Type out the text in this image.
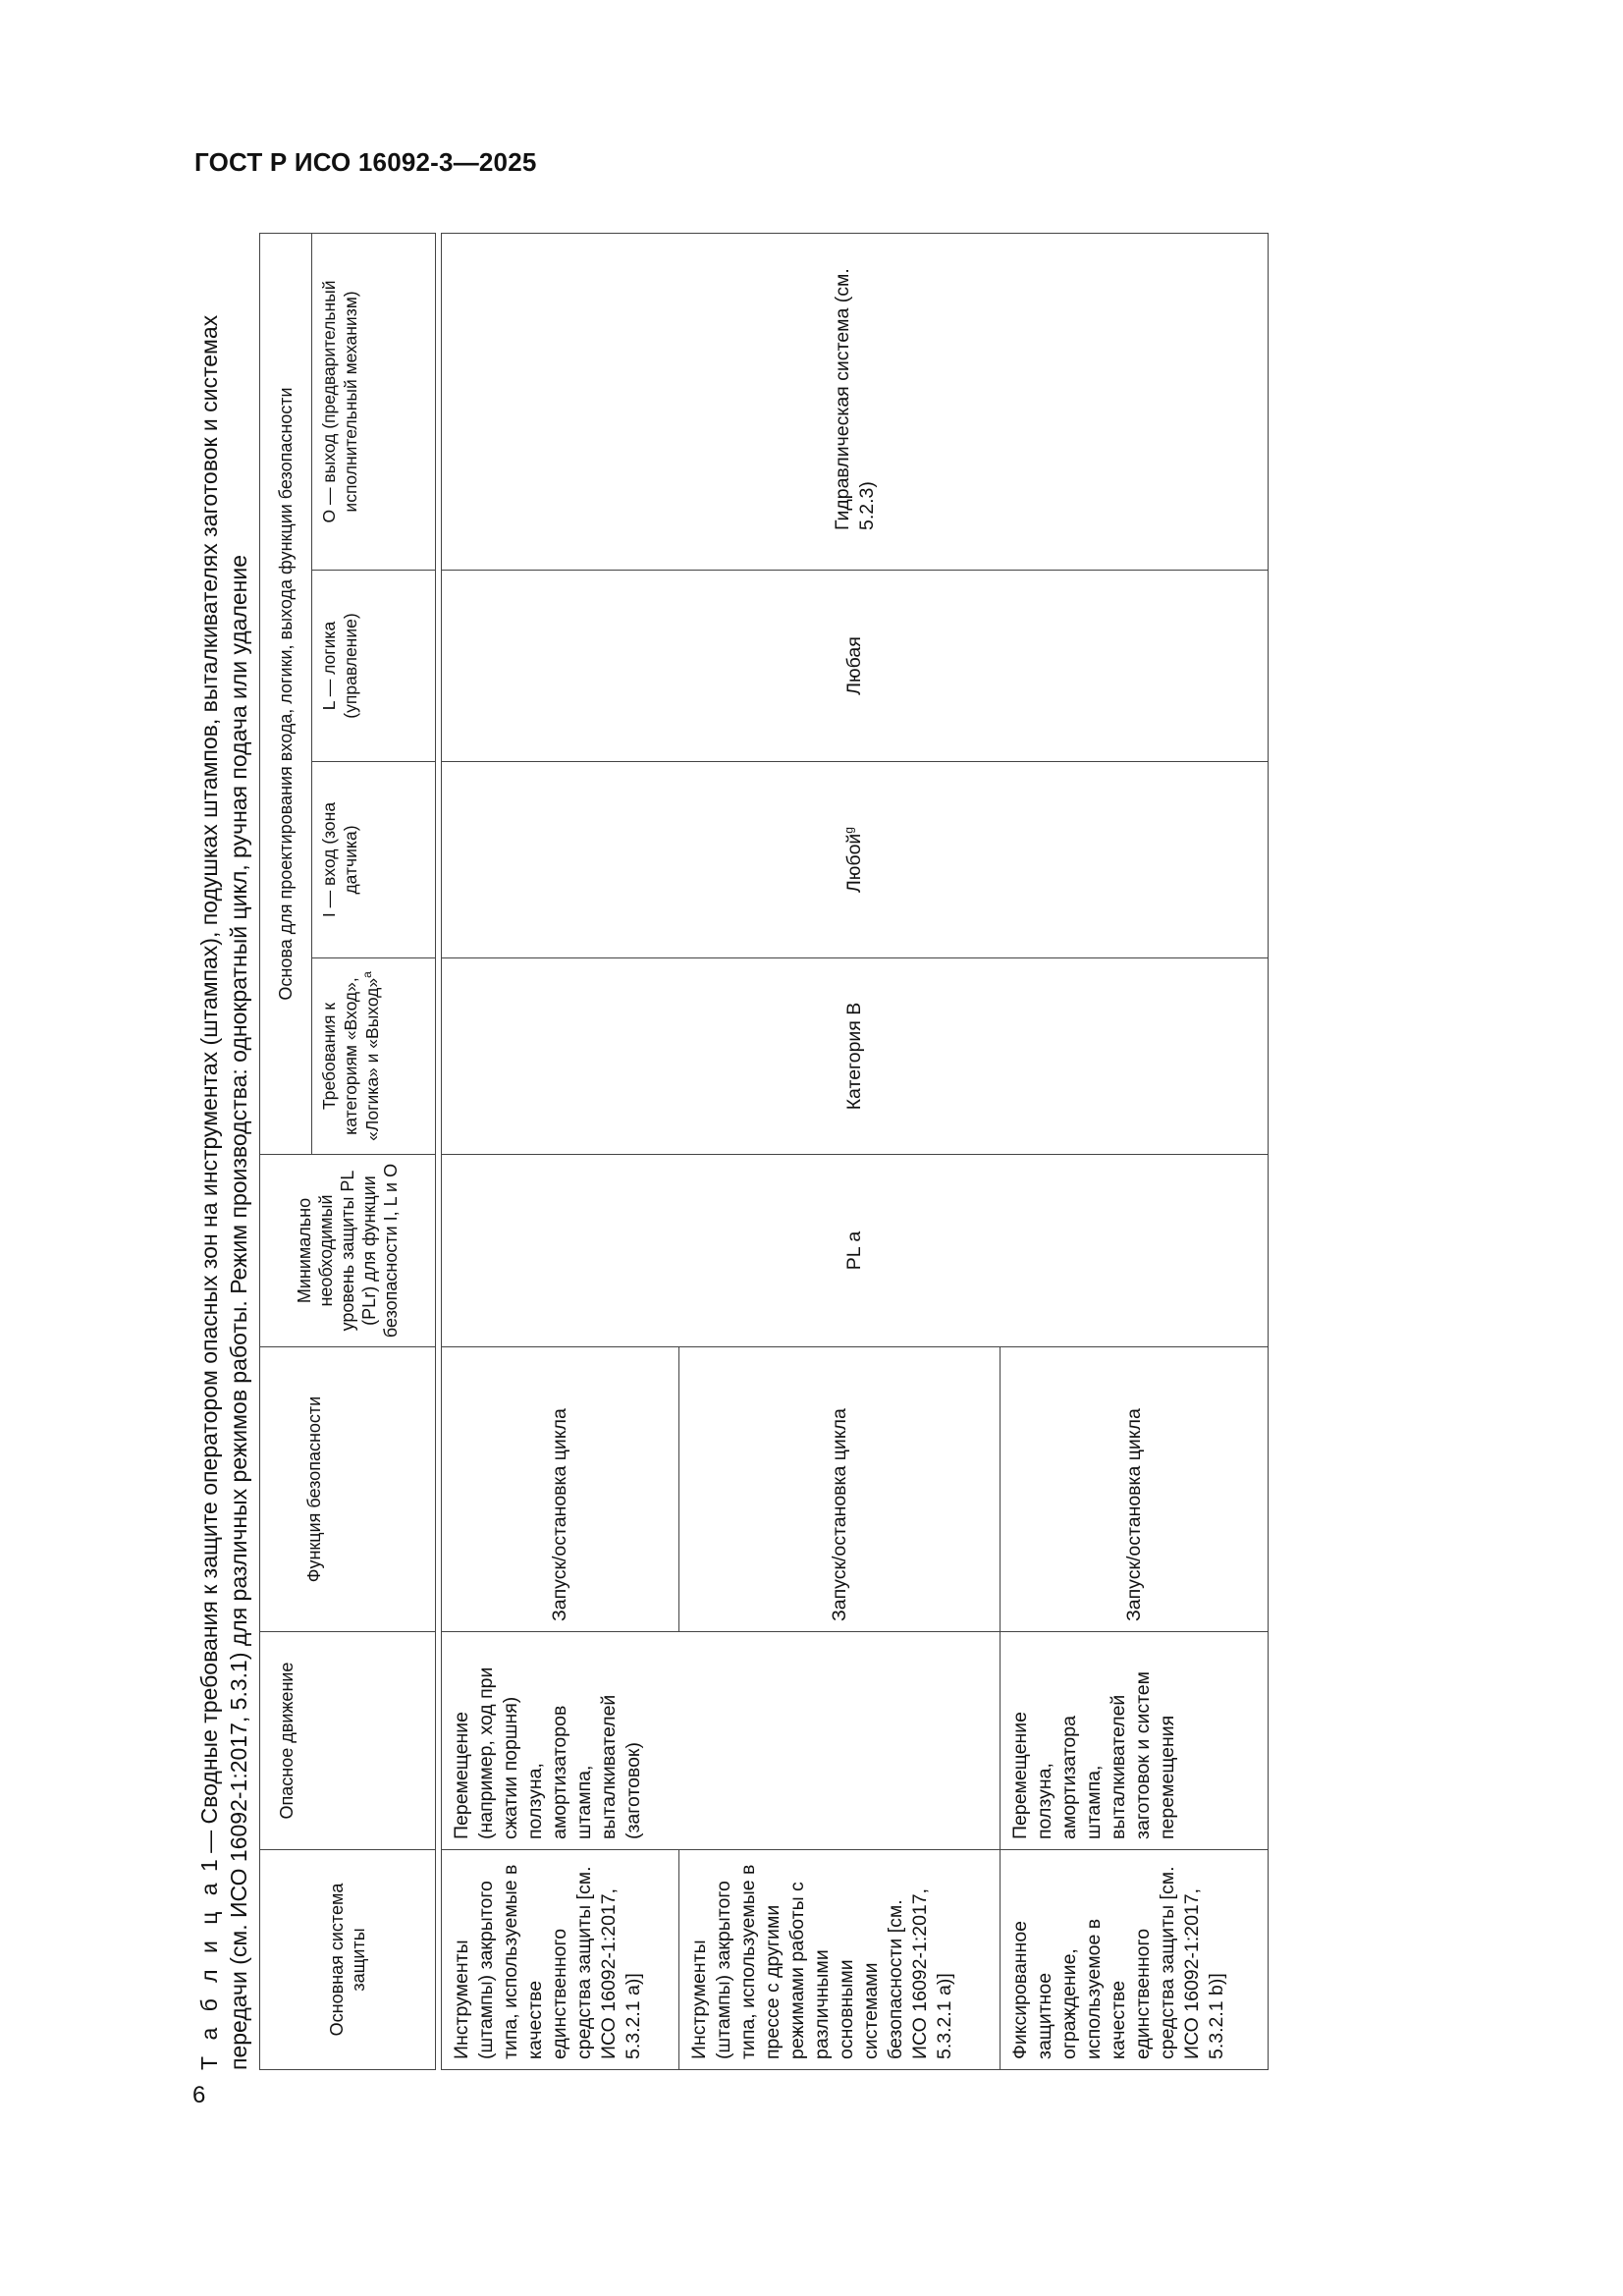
ГОСТ Р ИСО 16092-3—2025
Т а б л и ц а 1 — Сводные требования к защите оператором опасных зон на инструментах (штампах), подушках штампов, выталкивателях заготовок и системах передачи (см. ИСО 16092-1:2017, 5.3.1) для различных режимов работы. Режим производства: однократный цикл, ручная подача или удаление	Основная система защиты	Опасное движение	Функция безопасности	Минимально необходимый уровень защиты PL (PLr) для функции безопасности I, L и O	Основа для проектирования входа, логики, выхода функции безопасности			
				Требования к категориям «Вход», «Логика» и «Выход»$^a$	I — вход (зона датчика)	L — логика (управление)	O — выход (предварительный исполнительный механизм)

Инструменты (штампы) закрытого типа, используемые в качестве единственного средства защиты [см. ИСО 16092-1:2017, 5.3.2.1 a)]	Перемещение (например, ход при сжатии поршня) ползуна, амортизаторов штампа, выталкивателей (заготовок)	Запуск/остановка цикла	PL a	Категория В	Любой$^g$	Любая	Гидравлическая система (см. 5.2.3)
Инструменты (штампы) закрытого типа, используемые в прессе с другими режимами работы с различными основными системами безопасности [см. ИСО 16092-1:2017, 5.3.2.1 a)]		Запуск/остановка цикла					
Фиксированное защитное ограждение, используемое в качестве единственного средства защиты [см. ИСО 16092-1:2017, 5.3.2.1 b)]	Перемещение ползуна, амортизатора штампа, выталкивателей заготовок и систем перемещения	Запуск/остановка цикла					
6
